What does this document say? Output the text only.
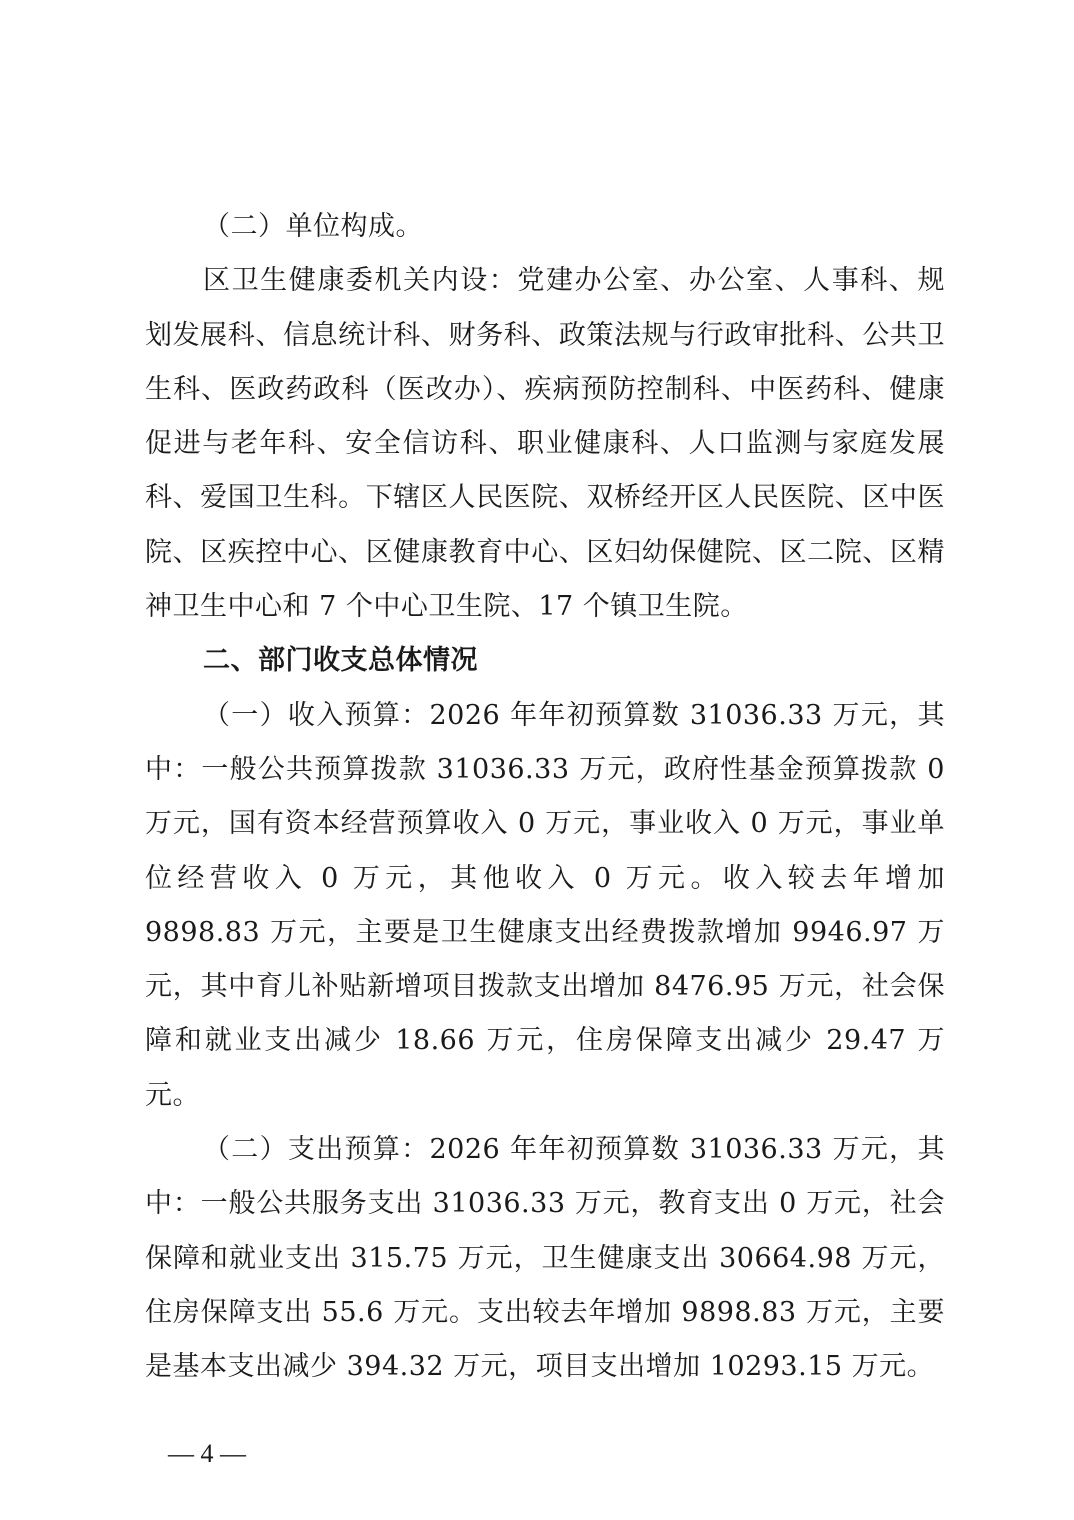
（二）单位构成。

区卫生健康委机关内设：党建办公室、办公室、人事科、规划发展科、信息统计科、财务科、政策法规与行政审批科、公共卫生科、医政药政科（医改办）、疾病预防控制科、中医药科、健康促进与老年科、安全信访科、职业健康科、人口监测与家庭发展科、爱国卫生科。下辖区人民医院、双桥经开区人民医院、区中医院、区疾控中心、区健康教育中心、区妇幼保健院、区二院、区精神卫生中心和 7 个中心卫生院、17 个镇卫生院。

二、部门收支总体情况

（一）收入预算：2026 年年初预算数 31036.33 万元，其中：一般公共预算拨款 31036.33 万元，政府性基金预算拨款 0 万元，国有资本经营预算收入 0 万元，事业收入 0 万元，事业单位经营收入 0 万元，其他收入 0 万元。收入较去年增加 9898.83 万元，主要是卫生健康支出经费拨款增加 9946.97 万元，其中育儿补贴新增项目拨款支出增加 8476.95 万元，社会保障和就业支出减少 18.66 万元，住房保障支出减少 29.47 万元。

（二）支出预算：2026 年年初预算数 31036.33 万元，其中：一般公共服务支出 31036.33 万元，教育支出 0 万元，社会保障和就业支出 315.75 万元，卫生健康支出 30664.98 万元，住房保障支出 55.6 万元。支出较去年增加 9898.83 万元，主要是基本支出减少 394.32 万元，项目支出增加 10293.15 万元。

— 4 —
